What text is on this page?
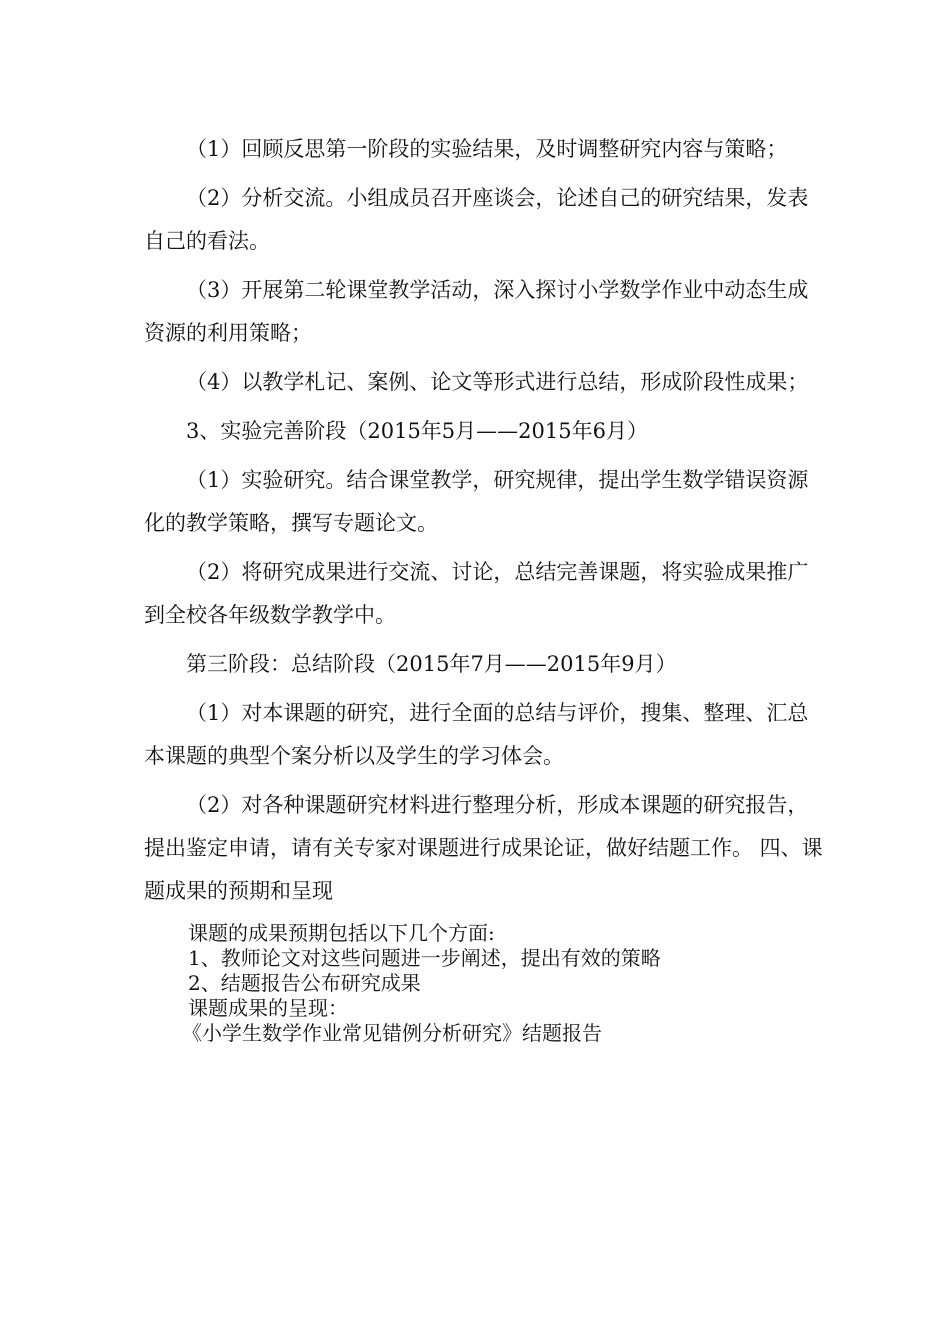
（1）回顾反思第一阶段的实验结果，及时调整研究内容与策略；

（2）分析交流。小组成员召开座谈会，论述自己的研究结果，发表自己的看法。

（3）开展第二轮课堂教学活动，深入探讨小学数学作业中动态生成资源的利用策略；

（4）以教学札记、案例、论文等形式进行总结，形成阶段性成果；

3、实验完善阶段（2015年5月——2015年6月）

（1）实验研究。结合课堂教学，研究规律，提出学生数学错误资源化的教学策略，撰写专题论文。

（2）将研究成果进行交流、讨论，总结完善课题，将实验成果推广到全校各年级数学教学中。

第三阶段：总结阶段（2015年7月——2015年9月）

（1）对本课题的研究，进行全面的总结与评价，搜集、整理、汇总本课题的典型个案分析以及学生的学习体会。

（2）对各种课题研究材料进行整理分析，形成本课题的研究报告，提出鉴定申请，请有关专家对课题进行成果论证，做好结题工作。 四、课题成果的预期和呈现

课题的成果预期包括以下几个方面:

1、教师论文对这些问题进一步阐述，提出有效的策略

2、结题报告公布研究成果

课题成果的呈现：

《小学生数学作业常见错例分析研究》结题报告
